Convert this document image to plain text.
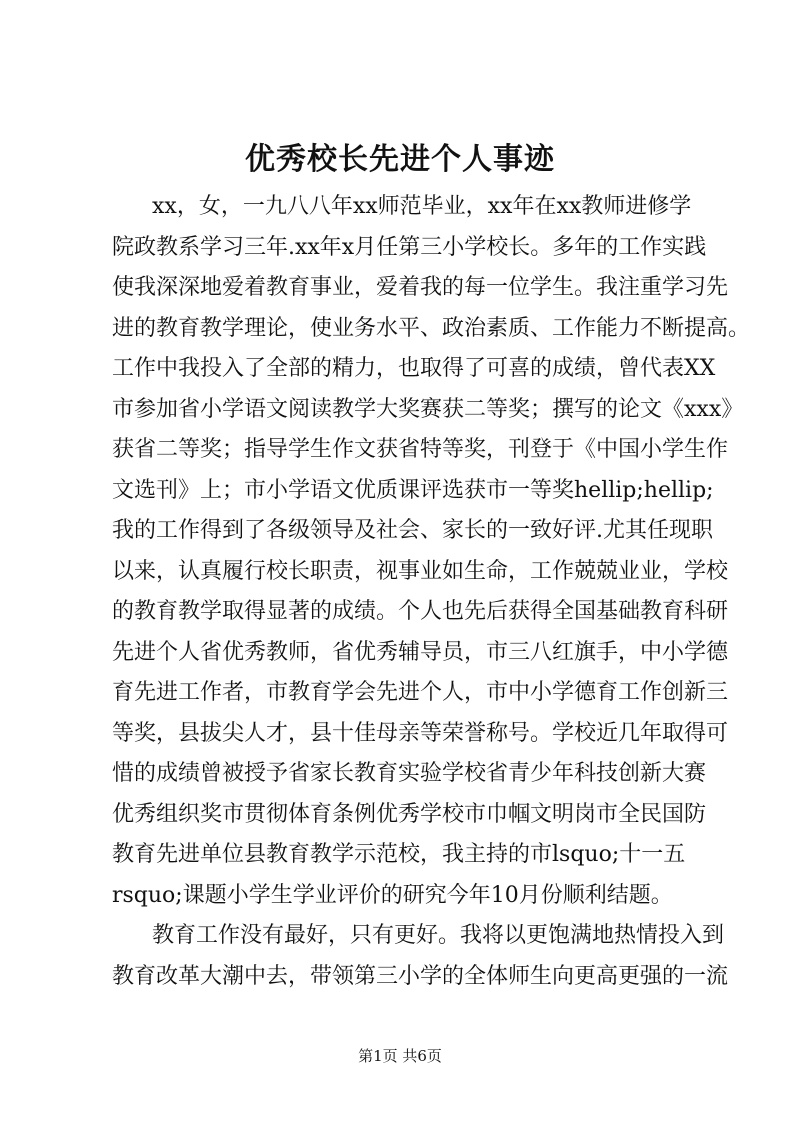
优秀校长先进个人事迹
xx，女，一九八八年xx师范毕业，xx年在xx教师进修学
院政教系学习三年.xx年x月任第三小学校长。多年的工作实践
使我深深地爱着教育事业，爱着我的每一位学生。我注重学习先
进的教育教学理论，使业务水平、政治素质、工作能力不断提高。
工作中我投入了全部的精力，也取得了可喜的成绩，曾代表XX
市参加省小学语文阅读教学大奖赛获二等奖；撰写的论文《xxx》
获省二等奖；指导学生作文获省特等奖，刊登于《中国小学生作
文选刊》上；市小学语文优质课评选获市一等奖hellip;hellip;
我的工作得到了各级领导及社会、家长的一致好评.尤其任现职
以来，认真履行校长职责，视事业如生命，工作兢兢业业，学校
的教育教学取得显著的成绩。个人也先后获得全国基础教育科研
先进个人省优秀教师，省优秀辅导员，市三八红旗手，中小学德
育先进工作者，市教育学会先进个人，市中小学德育工作创新三
等奖，县拔尖人才，县十佳母亲等荣誉称号。学校近几年取得可
惜的成绩曾被授予省家长教育实验学校省青少年科技创新大赛
优秀组织奖市贯彻体育条例优秀学校市巾帼文明岗市全民国防
教育先进单位县教育教学示范校，我主持的市lsquo;十一五
rsquo;课题小学生学业评价的研究今年10月份顺利结题。
教育工作没有最好，只有更好。我将以更饱满地热情投入到
教育改革大潮中去，带领第三小学的全体师生向更高更强的一流
第1页 共6页
